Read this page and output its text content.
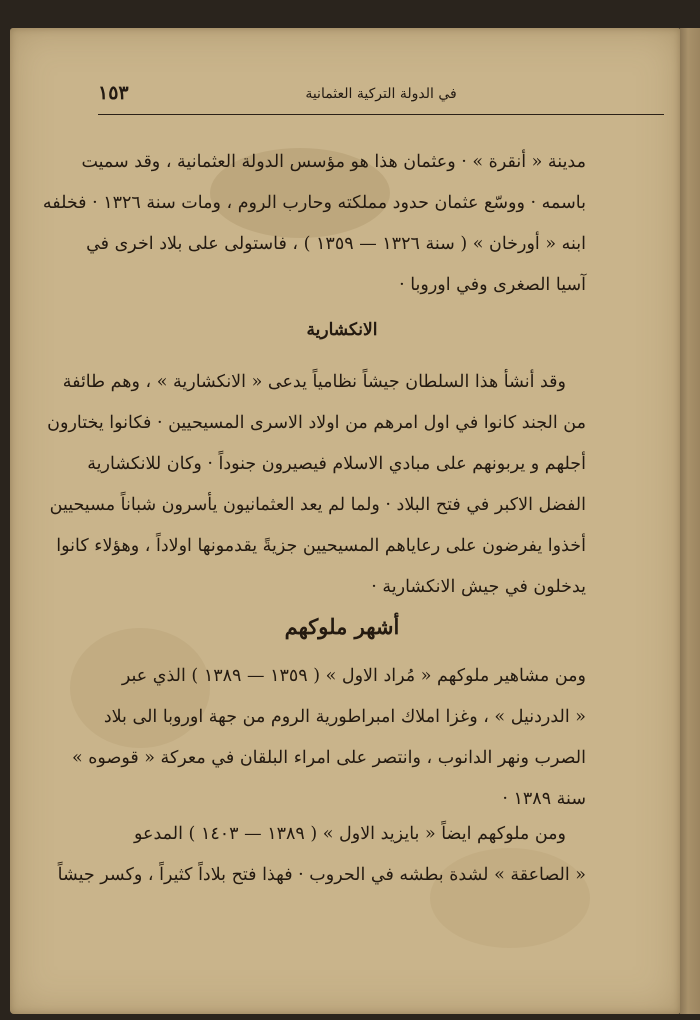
١٥٣	في الدولة التركية العثمانية
مدينة « أنقرة » · وعثمان هذا هو مؤسس الدولة العثمانية ، وقد سميت
باسمه · ووسّع عثمان حدود مملكته وحارب الروم ، ومات سنة ١٣٢٦ · فخلفه
ابنه « أورخان » ( سنة ١٣٢٦ — ١٣٥٩ ) ، فاستولى على بلاد اخرى في
آسيا الصغرى وفي اوروبا ·
الانكشارية
وقد أنشأ هذا السلطان جيشاً نظامياً يدعى « الانكشارية » ، وهم طائفة
من الجند كانوا في اول امرهم من اولاد الاسرى المسيحيين · فكانوا يختارون
أجلهم و يربونهم على مبادي الاسلام فيصيرون جنوداً · وكان للانكشارية
الفضل الاكبر في فتح البلاد · ولما لم يعد العثمانيون يأسرون شباناً مسيحيين
أخذوا يفرضون على رعاياهم المسيحيين جزيةً يقدمونها اولاداً ، وهؤلاء كانوا
يدخلون في جيش الانكشارية ·
أشهر ملوكهم
ومن مشاهير ملوكهم « مُراد الاول » ( ١٣٥٩ — ١٣٨٩ ) الذي عبر
« الدردنيل » ، وغزا املاك امبراطورية الروم من جهة اوروبا الى بلاد
الصرب ونهر الدانوب ، وانتصر على امراء البلقان في معركة « قوصوه »
سنة ١٣٨٩ ·
ومن ملوكهم ايضاً « بايزيد الاول » ( ١٣٨٩ — ١٤٠٣ ) المدعو
« الصاعقة » لشدة بطشه في الحروب · فهذا فتح بلاداً كثيراً ، وكسر جيشاً
